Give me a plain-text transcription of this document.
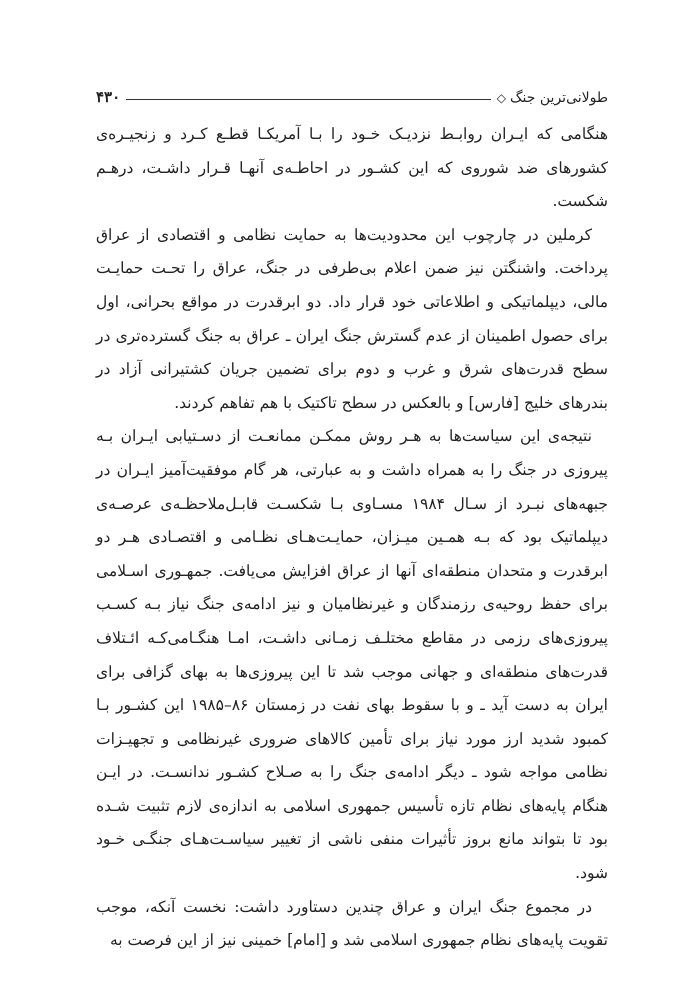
طولانی‌ترین جنگ◇
۴۳۰

هنگامی که ایـران روابـط نزدیـک خـود را بـا آمریکـا قطـع کـرد و زنجیـره‌ی کشورهای ضد شوروی که این کشـور در احاطـه‌ی آنهـا قـرار داشـت، درهـم شکست.

کرملین در چارچوب این محدودیت‌ها به حمایت نظامی و اقتصادی از عراق پرداخت. واشنگتن نیز ضمن اعلام بی‌طرفی در جنگ، عراق را تحـت حمایـت مالی، دیپلماتیکی و اطلاعاتی خود قرار داد. دو ابرقدرت در مواقع بحرانی، اول برای حصول اطمینان از عدم گسترش جنگ ایران ـ عراق به جنگ گسترده‌تری در سطح قدرت‌های شرق و غرب و دوم برای تضمین جریان کشتیرانی آزاد در بندرهای خلیج [فارس] و بالعکس در سطح تاکتیک با هم تفاهم کردند.

نتیجه‌ی این سیاست‌ها به هـر روش ممکـن ممانعـت از دسـتیابی ایـران بـه پیروزی در جنگ را به همراه داشت و به عبارتی، هر گام موفقیت‌آمیز ایـران در جبهه‌های نبـرد از سـال ۱۹۸۴ مسـاوی بـا شکسـت قابـل‌ملاحظـه‌ی عرصـه‌ی دیپلماتیک بود که بـه همـین میـزان، حمایـت‌هـای نظـامی و اقتصـادی هـر دو ابرقدرت و متحدان منطقه‌ای آنها از عراق افزایش می‌یافت. جمهـوری اسـلامی برای حفظ روحیه‌ی رزمندگان و غیرنظامیان و نیز ادامه‌ی جنگ نیاز بـه کسـب پیروزی‌های رزمی در مقاطع مختلـف زمـانی داشـت، امـا هنگـامی‌کـه ائـتلاف قدرت‌های منطقه‌ای و جهانی موجب شد تا این پیروزی‌ها به بهای گزافی برای ایران به دست آید ـ و با سقوط بهای نفت در زمستان ۸۶–۱۹۸۵ این کشـور بـا کمبود شدید ارز مورد نیاز برای تأمین کالاهای ضروری غیرنظامی و تجهیـزات نظامی مواجه شود ـ دیگر ادامه‌ی جنگ را به صـلاح کشـور ندانسـت. در ایـن هنگام پایه‌های نظام تازه تأسیس جمهوری اسلامی به اندازه‌ی لازم تثبیت شـده بود تا بتواند مانع بروز تأثیرات منفی ناشی از تغییر سیاسـت‌هـای جنگـی خـود شود.

در مجموع جنگ ایران و عراق چندین دستاورد داشت: نخست آنکه، موجب تقویت پایه‌های نظام جمهوری اسلامی شد و [امام] خمینی نیز از این فرصت به
